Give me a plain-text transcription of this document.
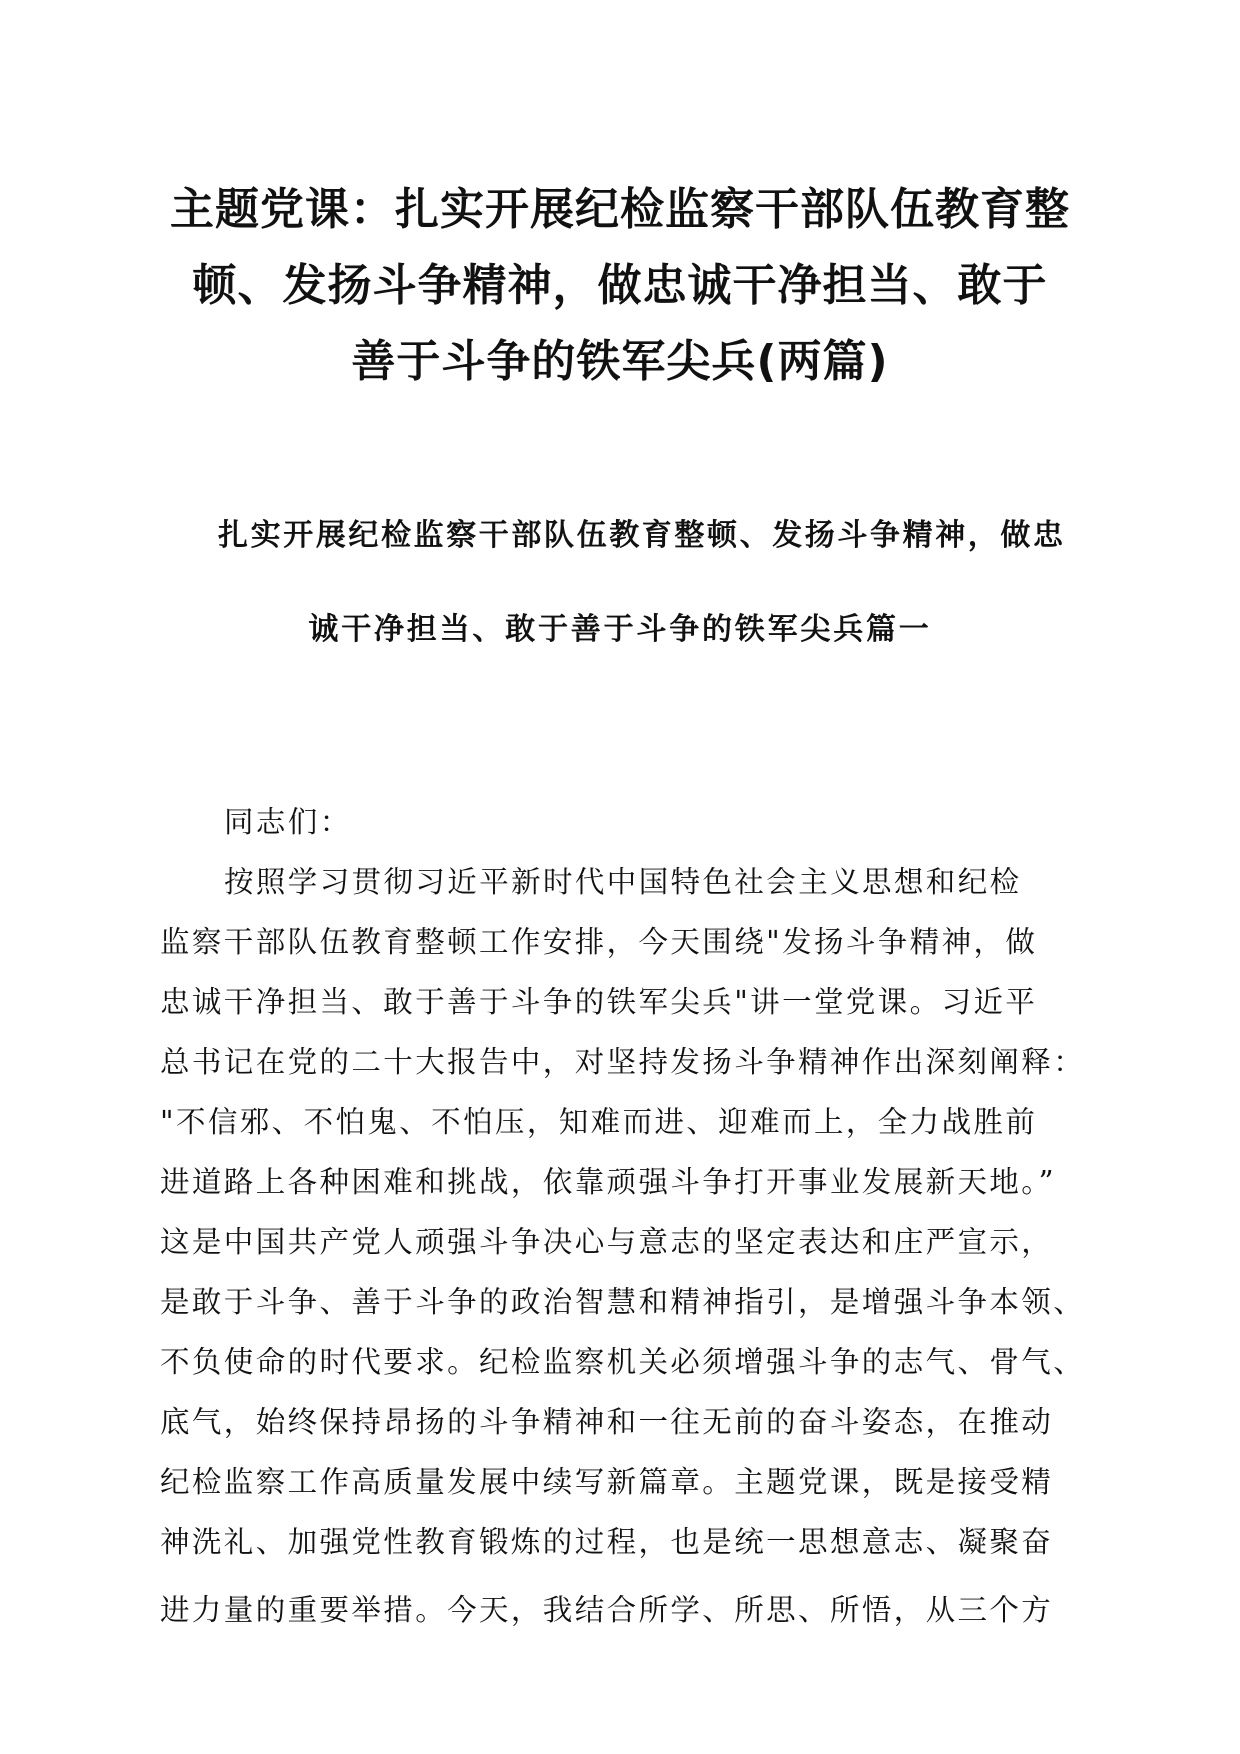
主题党课：扎实开展纪检监察干部队伍教育整
顿、发扬斗争精神，做忠诚干净担当、敢于
善于斗争的铁军尖兵(两篇)
扎实开展纪检监察干部队伍教育整顿、发扬斗争精神，做忠
诚干净担当、敢于善于斗争的铁军尖兵篇一
同志们：
按照学习贯彻习近平新时代中国特色社会主义思想和纪检
监察干部队伍教育整顿工作安排，今天围绕"发扬斗争精神，做
忠诚干净担当、敢于善于斗争的铁军尖兵"讲一堂党课。习近平
总书记在党的二十大报告中，对坚持发扬斗争精神作出深刻阐释：
"不信邪、不怕鬼、不怕压，知难而进、迎难而上，全力战胜前
进道路上各种困难和挑战，依靠顽强斗争打开事业发展新天地。”
这是中国共产党人顽强斗争决心与意志的坚定表达和庄严宣示，
是敢于斗争、善于斗争的政治智慧和精神指引，是增强斗争本领、
不负使命的时代要求。纪检监察机关必须增强斗争的志气、骨气、
底气，始终保持昂扬的斗争精神和一往无前的奋斗姿态，在推动
纪检监察工作高质量发展中续写新篇章。主题党课，既是接受精
神洗礼、加强党性教育锻炼的过程，也是统一思想意志、凝聚奋
进力量的重要举措。今天，我结合所学、所思、所悟，从三个方
